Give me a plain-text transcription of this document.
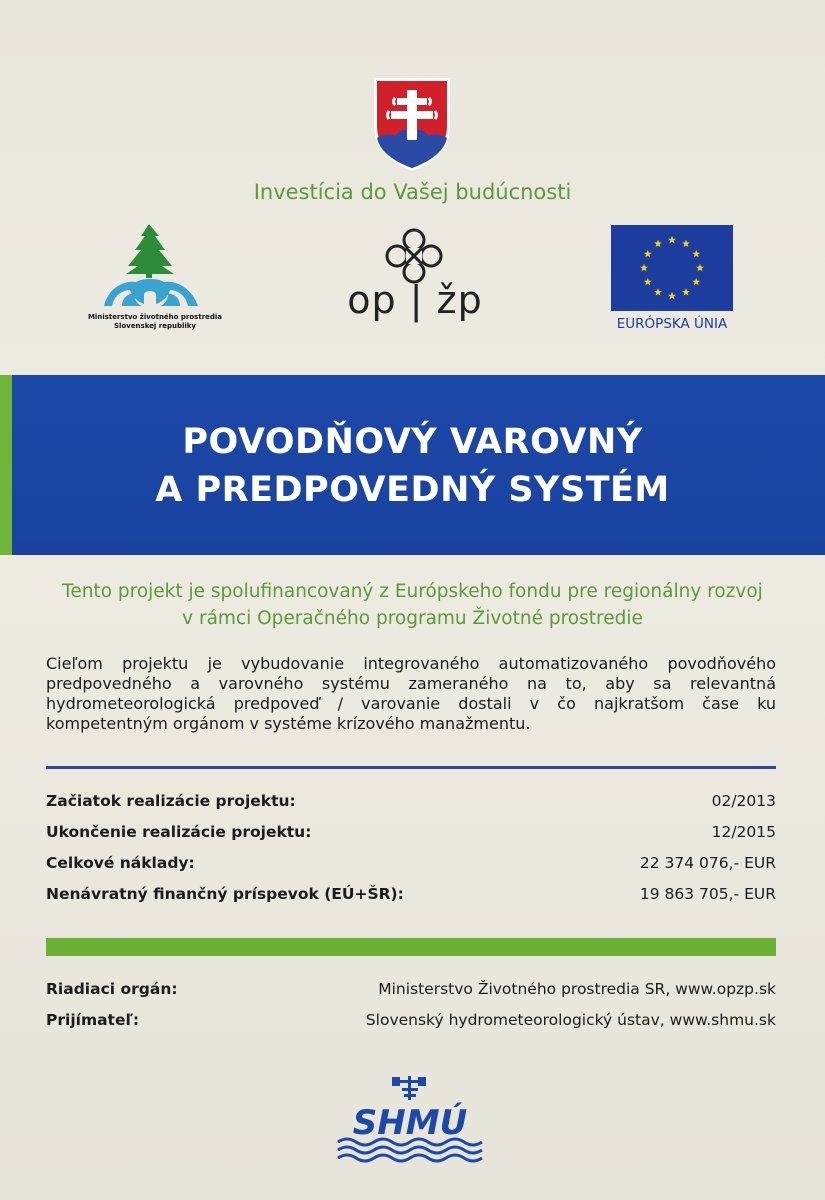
Investícia do Vašej budúcnosti
Ministerstvo životného prostredia
Slovenskej republiky
op | žp
EURÓPSKA ÚNIA
POVODŇOVÝ VAROVNÝ
A PREDPOVEDNÝ SYSTÉM
Tento projekt je spolufinancovaný z Európskeho fondu pre regionálny rozvoj
v rámci Operačného programu Životné prostredie
Cieľom projektu je vybudovanie integrovaného automatizovaného povodňového predpovedného a varovného systému zameraného na to, aby sa relevantná hydrometeorologická predpoveď / varovanie dostali v čo najkratšom čase ku kompetentným orgánom v systéme krízového manažmentu.
Začiatok realizácie projektu:	02/2013
Ukončenie realizácie projektu:	12/2015
Celkové náklady:	22 374 076,- EUR
Nenávratný finančný príspevok (EÚ+ŠR):	19 863 705,- EUR
Riadiaci orgán:	Ministerstvo Životného prostredia SR, www.opzp.sk
Prijímateľ:	Slovenský hydrometeorologický ústav, www.shmu.sk
SHMÚ
